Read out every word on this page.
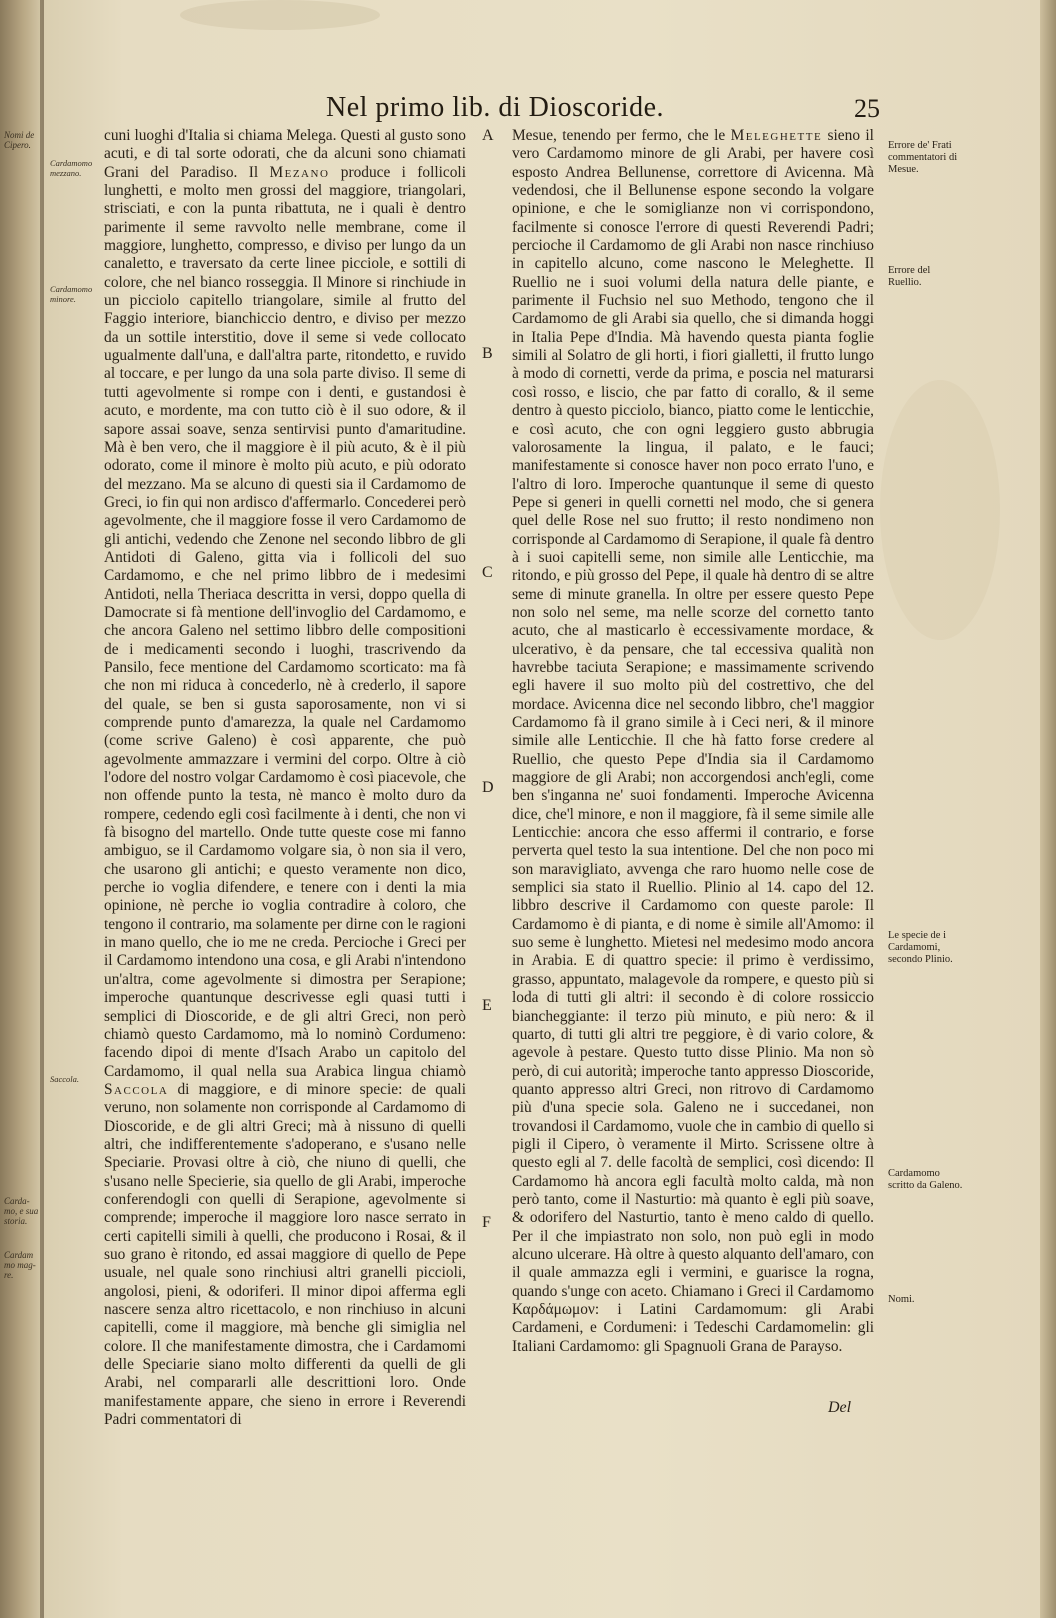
Nomi de
Cipero.
Carda-
mo, e sua
storia.
Cardam
mo mag-
re.
Cardamomo mezzano.
Cardamomo minore.
Saccola.
Nel primo lib. di Dioscoride.	25

cuni luoghi d'Italia si chiama Melega. Questi al gusto sono acuti, e di tal sorte odorati, che da alcuni sono chiamati Grani del Paradiso. Il Mezano produce i follicoli lunghetti, e molto men grossi del maggiore, triangolari, strisciati, e con la punta ribattuta, ne i quali è dentro parimente il seme ravvolto nelle membrane, come il maggiore, lunghetto, compresso, e diviso per lungo da un canaletto, e traversato da certe linee picciole, e sottili di colore, che nel bianco rosseggia. Il Minore si rinchiude in un picciolo capitello triangolare, simile al frutto del Faggio interiore, bianchiccio dentro, e diviso per mezzo da un sottile interstitio, dove il seme si vede collocato ugualmente dall'una, e dall'altra parte, ritondetto, e ruvido al toccare, e per lungo da una sola parte diviso. Il seme di tutti agevolmente si rompe con i denti, e gustandosi è acuto, e mordente, ma con tutto ciò è il suo odore, & il sapore assai soave, senza sentirvisi punto d'amaritudine. Mà è ben vero, che il maggiore è il più acuto, & è il più odorato, come il minore è molto più acuto, e più odorato del mezzano. Ma se alcuno di questi sia il Cardamomo de Greci, io fin qui non ardisco d'affermarlo. Concederei però agevolmente, che il maggiore fosse il vero Cardamomo de gli antichi, vedendo che Zenone nel secondo libbro de gli Antidoti di Galeno, gitta via i follicoli del suo Cardamomo, e che nel primo libbro de i medesimi Antidoti, nella Theriaca descritta in versi, doppo quella di Damocrate si fà mentione dell'invoglio del Cardamomo, e che ancora Galeno nel settimo libbro delle compositioni de i medicamenti secondo i luoghi, trascrivendo da Pansilo, fece mentione del Cardamomo scorticato: ma fà che non mi riduca à concederlo, nè à crederlo, il sapore del quale, se ben si gusta saporosamente, non vi si comprende punto d'amarezza, la quale nel Cardamomo (come scrive Galeno) è così apparente, che può agevolmente ammazzare i vermini del corpo. Oltre à ciò l'odore del nostro volgar Cardamomo è così piacevole, che non offende punto la testa, nè manco è molto duro da rompere, cedendo egli così facilmente à i denti, che non vi fà bisogno del martello. Onde tutte queste cose mi fanno ambiguo, se il Cardamomo volgare sia, ò non sia il vero, che usarono gli antichi; e questo veramente non dico, perche io voglia difendere, e tenere con i denti la mia opinione, nè perche io voglia contradire à coloro, che tengono il contrario, ma solamente per dirne con le ragioni in mano quello, che io me ne creda. Percioche i Greci per il Cardamomo intendono una cosa, e gli Arabi n'intendono un'altra, come agevolmente si dimostra per Serapione; imperoche quantunque descrivesse egli quasi tutti i semplici di Dioscoride, e de gli altri Greci, non però chiamò questo Cardamomo, mà lo nominò Cordumeno: facendo dipoi di mente d'Isach Arabo un capitolo del Cardamomo, il qual nella sua Arabica lingua chiamò Saccola di maggiore, e di minore specie: de quali veruno, non solamente non corrisponde al Cardamomo di Dioscoride, e de gli altri Greci; mà à nissuno di quelli altri, che indifferentemente s'adoperano, e s'usano nelle Speciarie. Provasi oltre à ciò, che niuno di quelli, che s'usano nelle Specierie, sia quello de gli Arabi, imperoche conferendogli con quelli di Serapione, agevolmente si comprende; imperoche il maggiore loro nasce serrato in certi capitelli simili à quelli, che producono i Rosai, & il suo grano è ritondo, ed assai maggiore di quello de Pepe usuale, nel quale sono rinchiusi altri granelli piccioli, angolosi, pieni, & odoriferi. Il minor dipoi afferma egli nascere senza altro ricettacolo, e non rinchiuso in alcuni capitelli, come il maggiore, mà benche gli simiglia nel colore. Il che manifestamente dimostra, che i Cardamomi delle Speciarie siano molto differenti da quelli de gli Arabi, nel compararli alle descrittioni loro. Onde manifestamente appare, che sieno in errore i Reverendi Padri commentatori di

A
B
C
D
E
F

Mesue, tenendo per fermo, che le Meleghette sieno il vero Cardamomo minore de gli Arabi, per havere così esposto Andrea Bellunense, correttore di Avicenna. Mà vedendosi, che il Bellunense espone secondo la volgare opinione, e che le somiglianze non vi corrispondono, facilmente si conosce l'errore di questi Reverendi Padri; percioche il Cardamomo de gli Arabi non nasce rinchiuso in capitello alcuno, come nascono le Meleghette. Il Ruellio ne i suoi volumi della natura delle piante, e parimente il Fuchsio nel suo Methodo, tengono che il Cardamomo de gli Arabi sia quello, che si dimanda hoggi in Italia Pepe d'India. Mà havendo questa pianta foglie simili al Solatro de gli horti, i fiori gialletti, il frutto lungo à modo di cornetti, verde da prima, e poscia nel maturarsi così rosso, e liscio, che par fatto di corallo, & il seme dentro à questo picciolo, bianco, piatto come le lenticchie, e così acuto, che con ogni leggiero gusto abbrugia valorosamente la lingua, il palato, e le fauci; manifestamente si conosce haver non poco errato l'uno, e l'altro di loro. Imperoche quantunque il seme di questo Pepe si generi in quelli cornetti nel modo, che si genera quel delle Rose nel suo frutto; il resto nondimeno non corrisponde al Cardamomo di Serapione, il quale fà dentro à i suoi capitelli seme, non simile alle Lenticchie, ma ritondo, e più grosso del Pepe, il quale hà dentro di se altre seme di minute granella. In oltre per essere questo Pepe non solo nel seme, ma nelle scorze del cornetto tanto acuto, che al masticarlo è eccessivamente mordace, & ulcerativo, è da pensare, che tal eccessiva qualità non havrebbe taciuta Serapione; e massimamente scrivendo egli havere il suo molto più del costrettivo, che del mordace. Avicenna dice nel secondo libbro, che'l maggior Cardamomo fà il grano simile à i Ceci neri, & il minore simile alle Lenticchie. Il che hà fatto forse credere al Ruellio, che questo Pepe d'India sia il Cardamomo maggiore de gli Arabi; non accorgendosi anch'egli, come ben s'inganna ne' suoi fondamenti. Imperoche Avicenna dice, che'l minore, e non il maggiore, fà il seme simile alle Lenticchie: ancora che esso affermi il contrario, e forse perverta quel testo la sua intentione. Del che non poco mi son maravigliato, avvenga che raro huomo nelle cose de semplici sia stato il Ruellio. Plinio al 14. capo del 12. libbro descrive il Cardamomo con queste parole: Il Cardamomo è di pianta, e di nome è simile all'Amomo: il suo seme è lunghetto. Mietesi nel medesimo modo ancora in Arabia. E di quattro specie: il primo è verdissimo, grasso, appuntato, malagevole da rompere, e questo più si loda di tutti gli altri: il secondo è di colore rossiccio biancheggiante: il terzo più minuto, e più nero: & il quarto, di tutti gli altri tre peggiore, è di vario colore, & agevole à pestare. Questo tutto disse Plinio. Ma non sò però, di cui autorità; imperoche tanto appresso Dioscoride, quanto appresso altri Greci, non ritrovo di Cardamomo più d'una specie sola. Galeno ne i succedanei, non trovandosi il Cardamomo, vuole che in cambio di quello si pigli il Cipero, ò veramente il Mirto. Scrissene oltre à questo egli al 7. delle facoltà de semplici, così dicendo: Il Cardamomo hà ancora egli facultà molto calda, mà non però tanto, come il Nasturtio: mà quanto è egli più soave, & odorifero del Nasturtio, tanto è meno caldo di quello. Per il che impiastrato non solo, non può egli in modo alcuno ulcerare. Hà oltre à questo alquanto dell'amaro, con il quale ammazza egli i vermini, e guarisce la rogna, quando s'unge con aceto. Chiamano i Greci il Cardamomo Καρδάμωμον: i Latini Cardamomum: gli Arabi Cardameni, e Cordumeni: i Tedeschi Cardamomelin: gli Italiani Cardamomo: gli Spagnuoli Grana de Parayso.

Errore de' Frati commentatori di Mesue.
Errore del Ruellio.
Le specie de i Cardamomi, secondo Plinio.
Cardamomo scritto da Galeno.
Nomi.
Del
